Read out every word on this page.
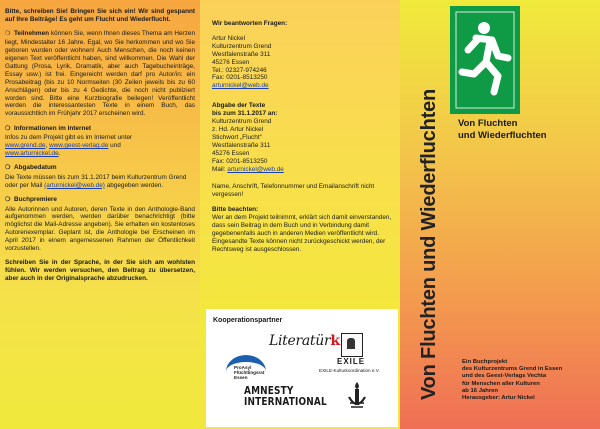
Bitte, schreiben Sie! Bringen Sie sich ein! Wir sind gespannt auf Ihre Beiträge! Es geht um Flucht und Wiederflucht.

❍ Teilnehmen können Sie, wenn Ihnen dieses Thema am Herzen liegt, Mindestalter 16 Jahre. Egal, wo Sie herkommen und wo Sie geboren wurden oder wohnen! Auch Menschen, die noch keinen eigenen Text veröffentlicht haben, sind willkommen. Die Wahl der Gattung (Prosa, Lyrik, Dramatik, aber auch Tagebucheinträge, Essay usw.) ist frei. Eingereicht werden darf pro Autor/in: ein Prosabeitrag (bis zu 10 Normseiten (30 Zeilen jeweils bis zu 60 Anschlägen) oder bis zu 4 Gedichte, die noch nicht publiziert worden sind. Bitte eine Kurzbiografie beilegen! Veröffentlicht werden die interessantesten Texte in einem Buch, das voraussichtlich im Frühjahr 2017 erscheinen wird.

❍ Informationen im Internet
Infos zu dem Projekt gibt es im Internet unter
www.grend.de, www.geest-verlag.de und
www.arturnickel.de.
❍ Abgabedatum
Die Texte müssen bis zum 31.1.2017 beim Kulturzentrum Grend oder per Mail (arturnickel@web.de) abgegeben werden.
❍ Buchpremiere
Alle Autorinnen und Autoren, deren Texte in den Anthologie-Band aufgenommen werden, werden darüber benachrichtigt (bitte möglichst die Mail-Adresse angeben). Sie erhalten ein kostenloses Autorenexemplar. Geplant ist, die Anthologie bei Erscheinen im April 2017 in einem angemessenen Rahmen der Öffentlichkeit vorzustellen.

Schreiben Sie in der Sprache, in der Sie sich am wohlsten fühlen. Wir werden versuchen, den Beitrag zu übersetzen, aber auch in der Originalsprache abzudrucken.

Wir beantworten Fragen:
Artur Nickel
Kulturzentrum Grend
Westfalenstraße 311
45276 Essen
Tel.: 02327-974246
Fax: 0201-8513250
arturnickel@web.de
Abgabe der Texte
bis zum 31.1.2017 an:
Kulturzentrum Grend
z. Hd. Artur Nickel
Stichwort „Flucht“
Westfalenstraße 311
45276 Essen
Fax: 0201-8513250
Mail: arturnickel@web.de

Name, Anschrift, Telefonnummer und Emailanschrift nicht vergessen!

Bitte beachten:
Wer an dem Projekt teilnimmt, erklärt sich damit einverstanden, dass sein Beitrag in dem Buch und in Verbindung damit gegebenenfalls auch in anderen Medien veröffentlicht wird. Eingesandte Texte können nicht zurückgeschickt werden, der Rechtsweg ist ausgeschlossen.
Kooperationspartner
Literatürk
EXILE
EXILE-Kulturkoordination e.V.
ProAsyl
Flüchtlingsrat
Essen
AMNESTY
INTERNATIONAL
Von Fluchten
und Wiederfluchten
Von Fluchten und Wiederfluchten	Ein Buchprojekt
des Kulturzentrums Grend in Essen
und des Geest-Verlags Vechta
für Menschen aller Kulturen
ab 16 Jahren
Herausgeber: Artur Nickel
